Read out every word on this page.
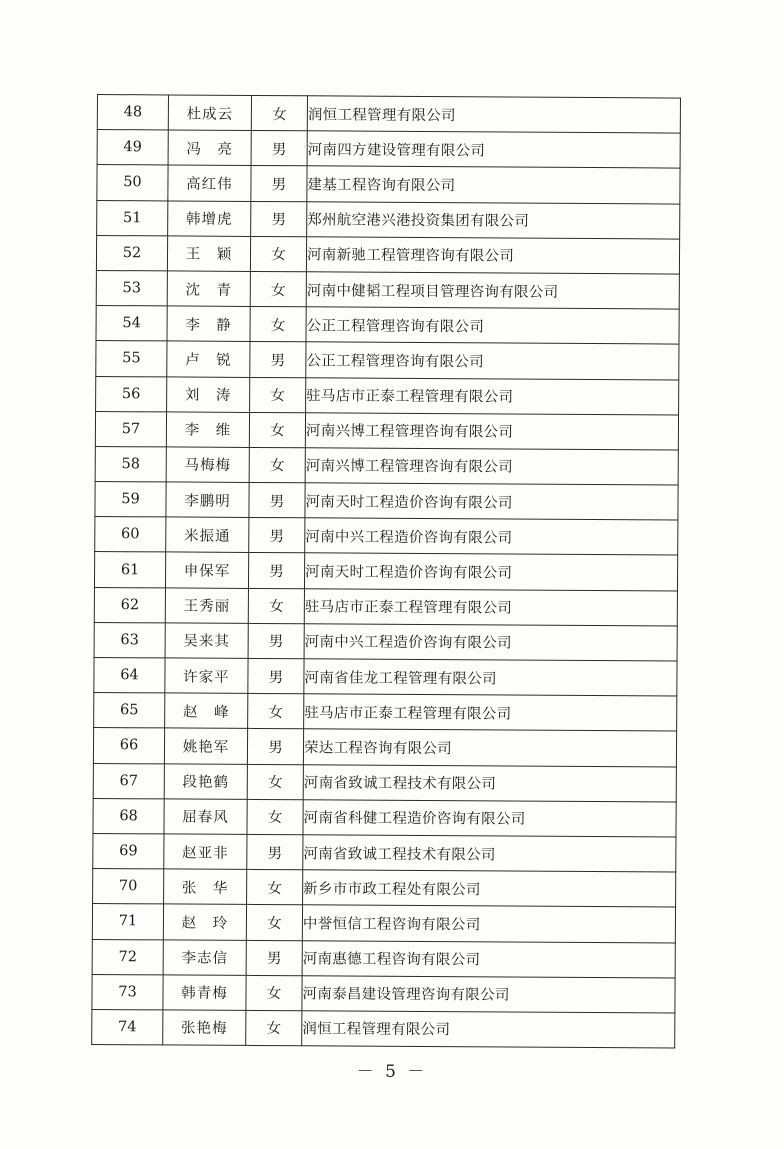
48	杜成云	女	润恒工程管理有限公司
49	冯　亮	男	河南四方建设管理有限公司
50	高红伟	男	建基工程咨询有限公司
51	韩增虎	男	郑州航空港兴港投资集团有限公司
52	王　颖	女	河南新驰工程管理咨询有限公司
53	沈　青	女	河南中健韬工程项目管理咨询有限公司
54	李　静	女	公正工程管理咨询有限公司
55	卢　锐	男	公正工程管理咨询有限公司
56	刘　涛	女	驻马店市正泰工程管理有限公司
57	李　维	女	河南兴博工程管理咨询有限公司
58	马梅梅	女	河南兴博工程管理咨询有限公司
59	李鹏明	男	河南天时工程造价咨询有限公司
60	米振通	男	河南中兴工程造价咨询有限公司
61	申保军	男	河南天时工程造价咨询有限公司
62	王秀丽	女	驻马店市正泰工程管理有限公司
63	吴来其	男	河南中兴工程造价咨询有限公司
64	许家平	男	河南省佳龙工程管理有限公司
65	赵　峰	女	驻马店市正泰工程管理有限公司
66	姚艳军	男	荣达工程咨询有限公司
67	段艳鹤	女	河南省致诚工程技术有限公司
68	屈春风	女	河南省科健工程造价咨询有限公司
69	赵亚非	男	河南省致诚工程技术有限公司
70	张　华	女	新乡市市政工程处有限公司
71	赵　玲	女	中誉恒信工程咨询有限公司
72	李志信	男	河南惠德工程咨询有限公司
73	韩青梅	女	河南泰昌建设管理咨询有限公司
74	张艳梅	女	润恒工程管理有限公司
－ 5 －
